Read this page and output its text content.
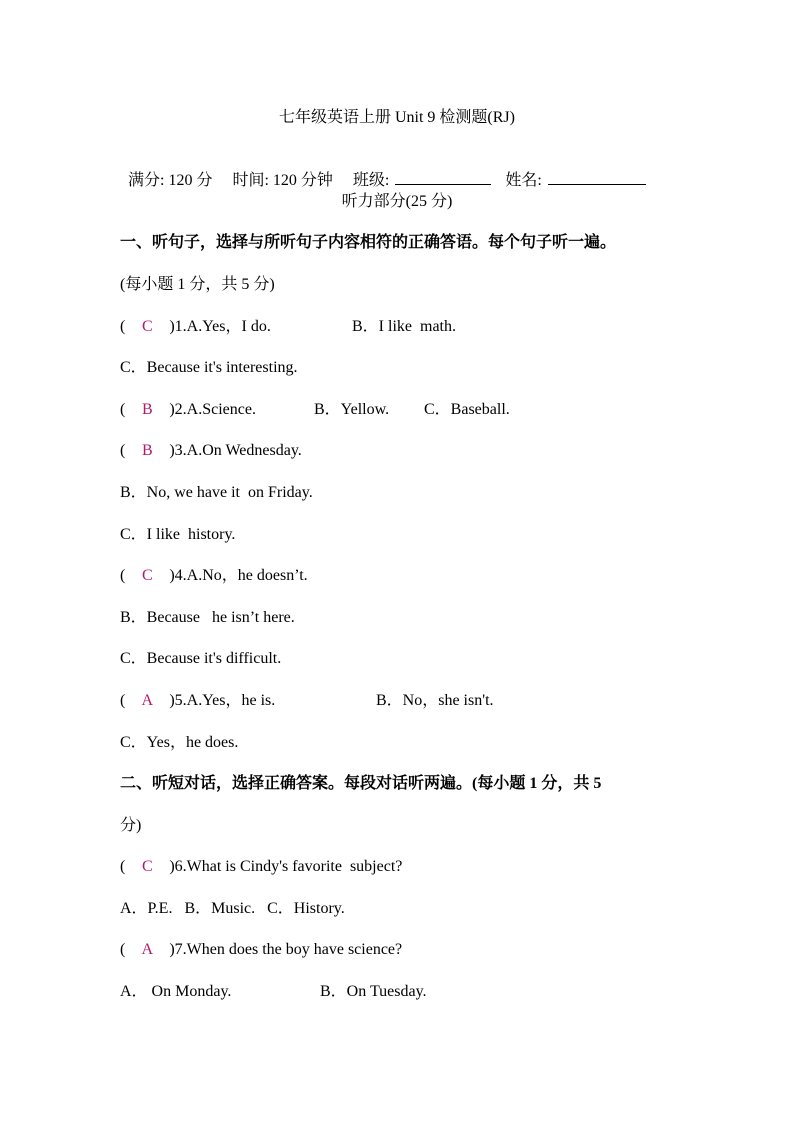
七年级英语上册 Unit 9 检测题(RJ)

满分: 120 分 时间: 120 分钟 班级:	姓名:

听力部分(25 分)
一、听句子，选择与所听句子内容相符的正确答语。每个句子听一遍。
(每小题 1 分，共 5 分)
( C )1.A.Yes，I do.	B．I like  math.
C．Because it's interesting.
( B )2.A.Science.	B．Yellow. C．Baseball.
( B )3.A.On Wednesday.
B．No, we have it  on Friday.
C．I like  history.
( C )4.A.No，he doesn’t.
B．Because   he isn’t here.
C．Because it's difficult.
( A )5.A.Yes，he is.	B．No，she isn't.
C．Yes，he does.
二、听短对话，选择正确答案。每段对话听两遍。(每小题 1 分，共 5
分)
( C )6.What is Cindy's favorite  subject?
A．P.E.   B．Music.   C．History.
( A )7.When does the boy have science?
A． On Monday.	B．On Tuesday.
